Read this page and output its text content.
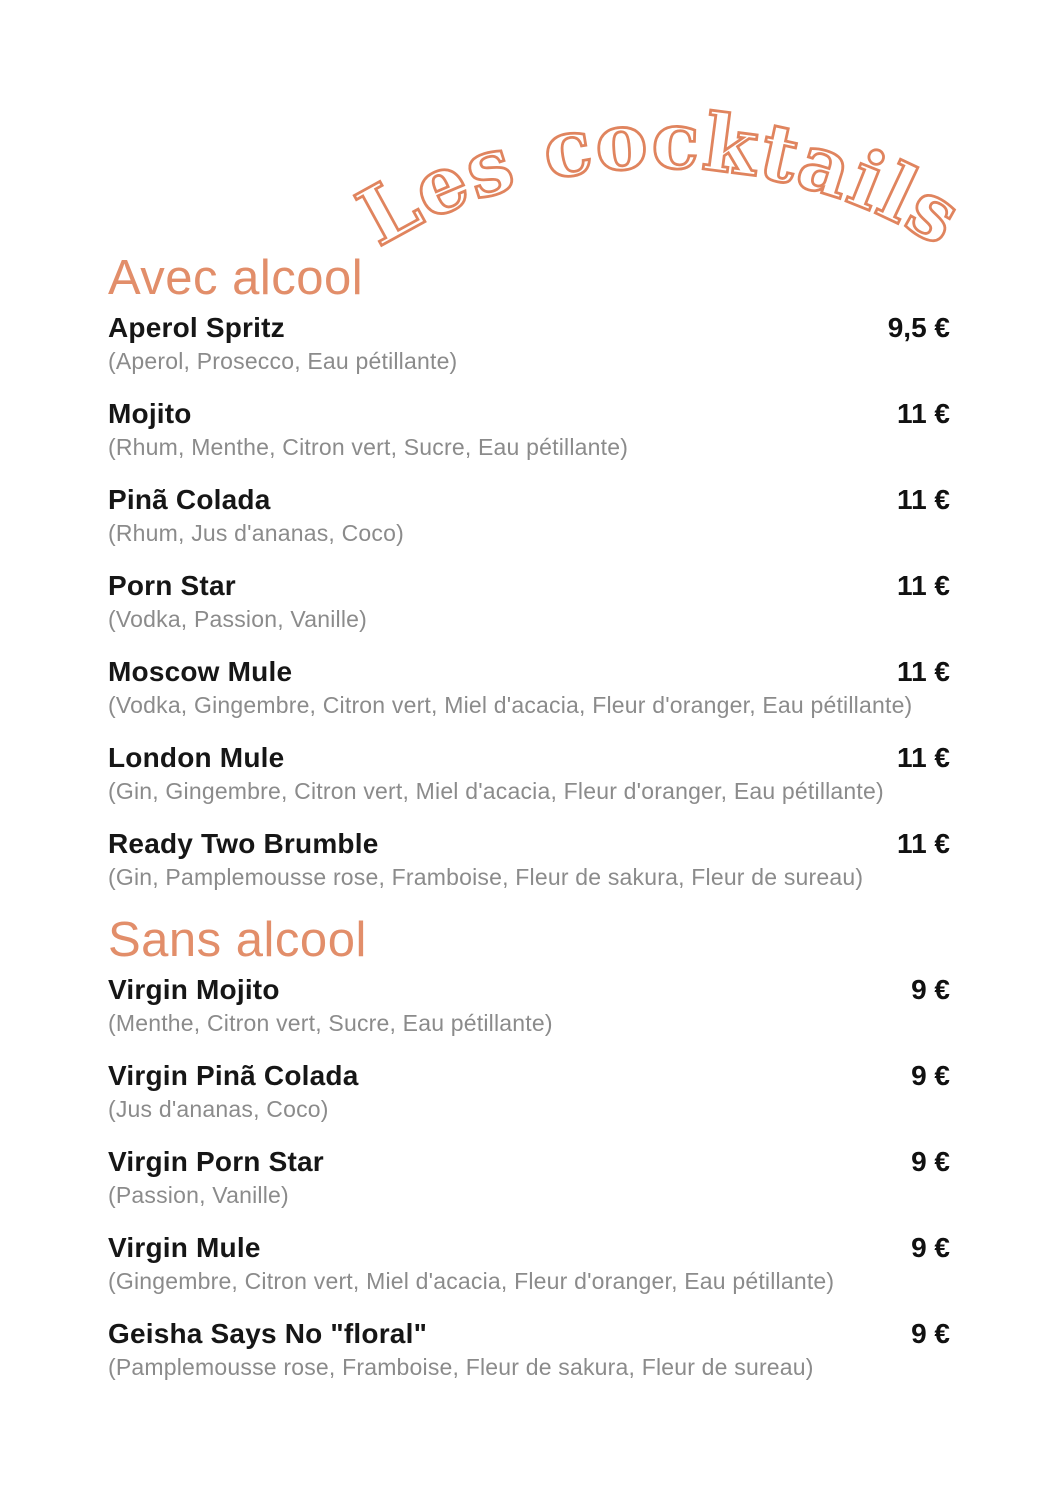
Les cocktails
Avec alcool
Aperol Spritz	9,5 €
(Aperol, Prosecco, Eau pétillante)
Mojito	11 €
(Rhum, Menthe, Citron vert, Sucre, Eau pétillante)
Pinã Colada	11 €
(Rhum, Jus d'ananas, Coco)
Porn Star	11 €
(Vodka, Passion, Vanille)
Moscow Mule	11 €
(Vodka, Gingembre, Citron vert, Miel d'acacia, Fleur d'oranger, Eau pétillante)
London Mule	11 €
(Gin, Gingembre, Citron vert, Miel d'acacia, Fleur d'oranger, Eau pétillante)
Ready Two Brumble	11 €
(Gin, Pamplemousse rose, Framboise, Fleur de sakura, Fleur de sureau)
Sans alcool
Virgin Mojito	9 €
(Menthe, Citron vert, Sucre, Eau pétillante)
Virgin Pinã Colada	9 €
(Jus d'ananas, Coco)
Virgin Porn Star	9 €
(Passion, Vanille)
Virgin Mule	9 €
(Gingembre, Citron vert, Miel d'acacia, Fleur d'oranger, Eau pétillante)
Geisha Says No "floral"	9 €
(Pamplemousse rose, Framboise, Fleur de sakura, Fleur de sureau)
